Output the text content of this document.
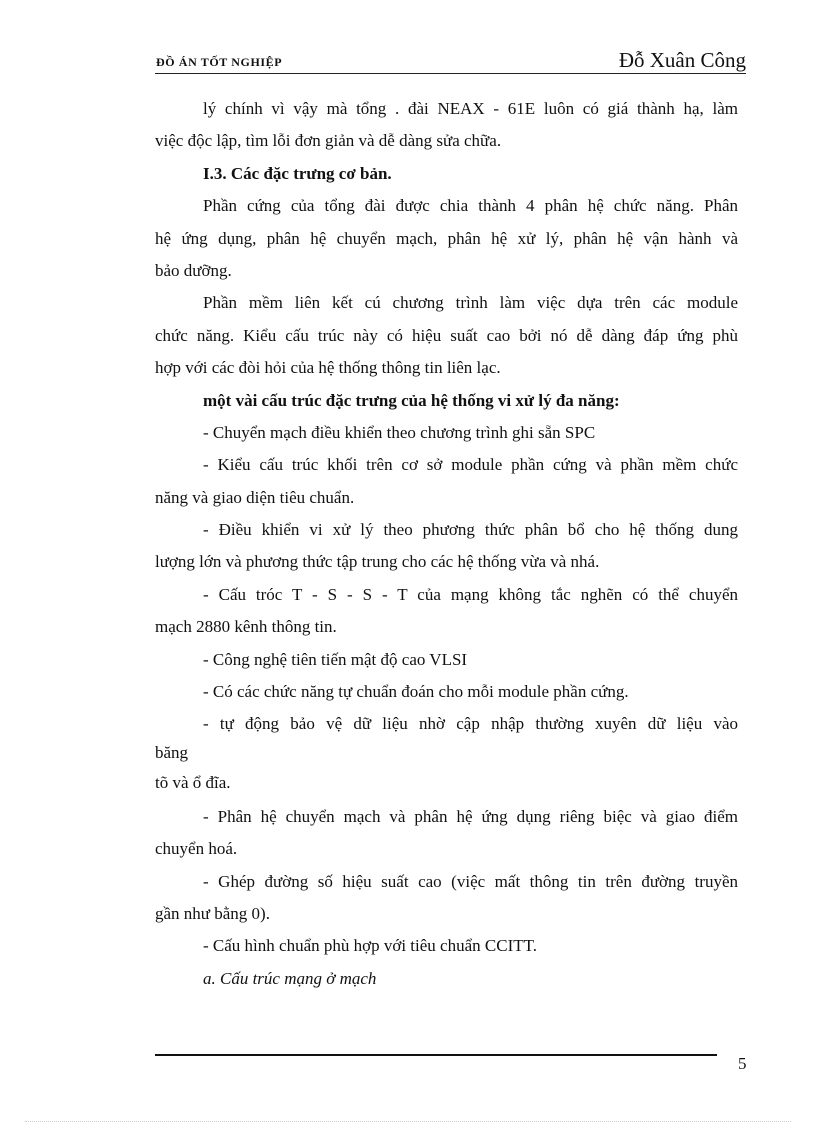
ĐỒ ÁN TỐT NGHIỆP	Đỗ Xuân Công
lý chính vì vậy mà tổng . đài NEAX - 61E luôn có giá thành hạ, làm
việc độc lập, tìm lỗi đơn giản và dễ dàng sửa chữa.
I.3. Các đặc trưng cơ bản.
Phần cứng của tổng đài được chia thành 4 phân hệ chức năng. Phân
hệ ứng dụng, phân hệ chuyển mạch, phân hệ xử lý, phân hệ vận hành và
bảo dưỡng.
Phần mềm liên kết cú chương trình làm việc dựa trên các module
chức năng. Kiểu cấu trúc này có hiệu suất cao bởi nó dễ dàng đáp ứng phù
hợp với các đòi hỏi của hệ thống thông tin liên lạc.
một vài cấu trúc đặc trưng của hệ thống vi xử lý đa năng:
- Chuyển mạch điều khiển theo chương trình ghi sẵn SPC
- Kiểu cấu trúc khối trên cơ sở module phần cứng và phần mềm chức
năng và giao diện tiêu chuẩn.
- Điều khiển vi xử lý theo phương thức phân bổ cho hệ thống dung
lượng lớn và phương thức tập trung cho các hệ thống vừa và nhá.
- Cấu tróc T - S - S - T của mạng không tắc nghẽn có thể chuyển
mạch 2880 kênh thông tin.
- Công nghệ tiên tiến mật độ cao VLSI
- Có các chức năng tự chuẩn đoán cho mỗi module phần cứng.
- tự động bảo vệ dữ liệu nhờ cập nhập thường xuyên dữ liệu vào
băng
tõ và ổ đĩa.
- Phân hệ chuyển mạch và phân hệ ứng dụng riêng biệc và giao điểm
chuyển hoá.
- Ghép đường số hiệu suất cao (việc mất thông tin trên đường truyền
gần như bằng 0).
- Cấu hình chuẩn phù hợp với tiêu chuẩn CCITT.
a. Cấu trúc mạng ở mạch
5
